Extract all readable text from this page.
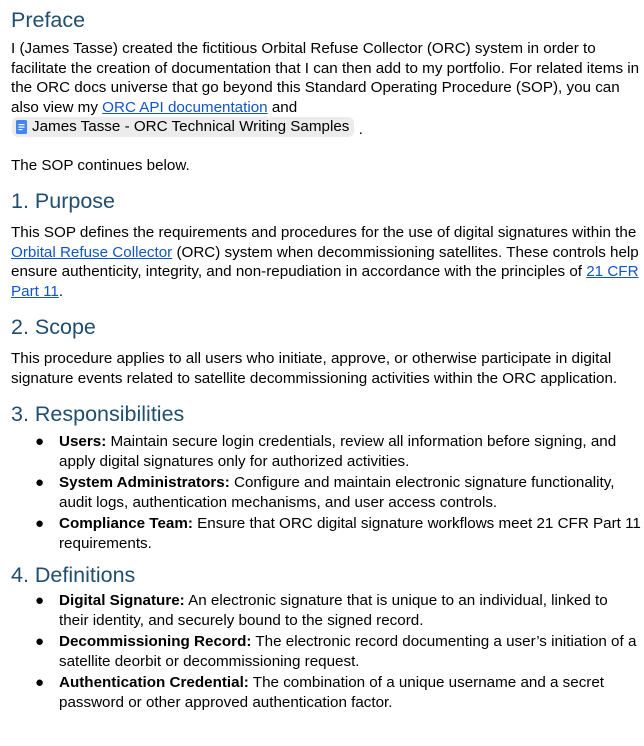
Preface

I (James Tasse) created the fictitious Orbital Refuse Collector (ORC) system in order to facilitate the creation of documentation that I can then add to my portfolio. For related items in the ORC docs universe that go beyond this Standard Operating Procedure (SOP), you can also view my ORC API documentation and

James Tasse - ORC Technical Writing Samples .

The SOP continues below.

1. Purpose

This SOP defines the requirements and procedures for the use of digital signatures within the Orbital Refuse Collector (ORC) system when decommissioning satellites. These controls help ensure authenticity, integrity, and non-repudiation in accordance with the principles of 21 CFR Part 11.

2. Scope

This procedure applies to all users who initiate, approve, or otherwise participate in digital signature events related to satellite decommissioning activities within the ORC application.

3. Responsibilities
● Users: Maintain secure login credentials, review all information before signing, and apply digital signatures only for authorized activities.
● System Administrators: Configure and maintain electronic signature functionality, audit logs, authentication mechanisms, and user access controls.
● Compliance Team: Ensure that ORC digital signature workflows meet 21 CFR Part 11 requirements.
4. Definitions
● Digital Signature: An electronic signature that is unique to an individual, linked to their identity, and securely bound to the signed record.
● Decommissioning Record: The electronic record documenting a user’s initiation of a satellite deorbit or decommissioning request.
● Authentication Credential: The combination of a unique username and a secret password or other approved authentication factor.
